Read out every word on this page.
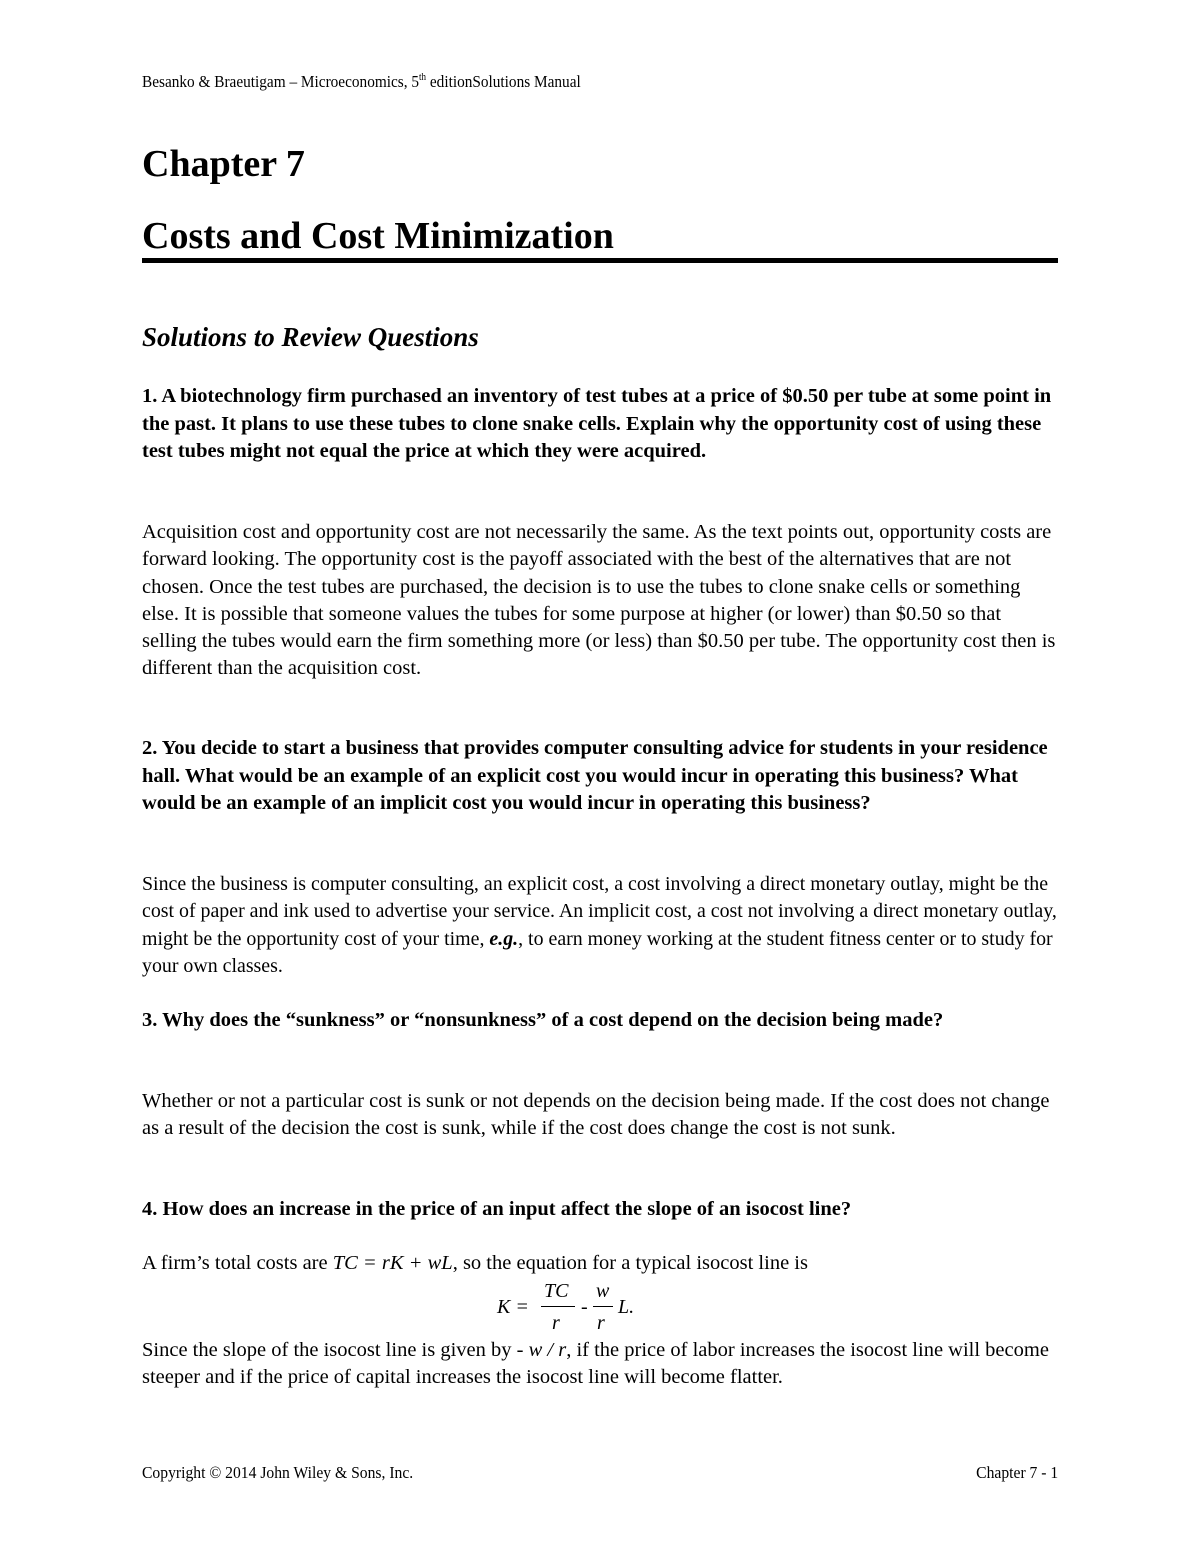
Besanko & Braeutigam – Microeconomics, 5th editionSolutions Manual
Chapter 7
Costs and Cost Minimization
Solutions to Review Questions

1. A biotechnology firm purchased an inventory of test tubes at a price of $0.50 per tube at some point in the past. It plans to use these tubes to clone snake cells. Explain why the opportunity cost of using these test tubes might not equal the price at which they were acquired.

Acquisition cost and opportunity cost are not necessarily the same. As the text points out, opportunity costs are forward looking. The opportunity cost is the payoff associated with the best of the alternatives that are not chosen. Once the test tubes are purchased, the decision is to use the tubes to clone snake cells or something else. It is possible that someone values the tubes for some purpose at higher (or lower) than $0.50 so that selling the tubes would earn the firm something more (or less) than $0.50 per tube. The opportunity cost then is different than the acquisition cost.

2. You decide to start a business that provides computer consulting advice for students in your residence hall. What would be an example of an explicit cost you would incur in operating this business? What would be an example of an implicit cost you would incur in operating this business?

Since the business is computer consulting, an explicit cost, a cost involving a direct monetary outlay, might be the cost of paper and ink used to advertise your service. An implicit cost, a cost not involving a direct monetary outlay, might be the opportunity cost of your time, e.g., to earn money working at the student fitness center or to study for your own classes.

3. Why does the “sunkness” or “nonsunkness” of a cost depend on the decision being made?

Whether or not a particular cost is sunk or not depends on the decision being made. If the cost does not change as a result of the decision the cost is sunk, while if the cost does change the cost is not sunk.

4. How does an increase in the price of an input affect the slope of an isocost line?

A firm’s total costs are TC = rK + wL, so the equation for a typical isocost line is

K =
TC
r
-
w
r
L.

Since the slope of the isocost line is given by - w / r, if the price of labor increases the isocost line will become steeper and if the price of capital increases the isocost line will become flatter.

Copyright © 2014 John Wiley & Sons, Inc.	Chapter 7 - 1
